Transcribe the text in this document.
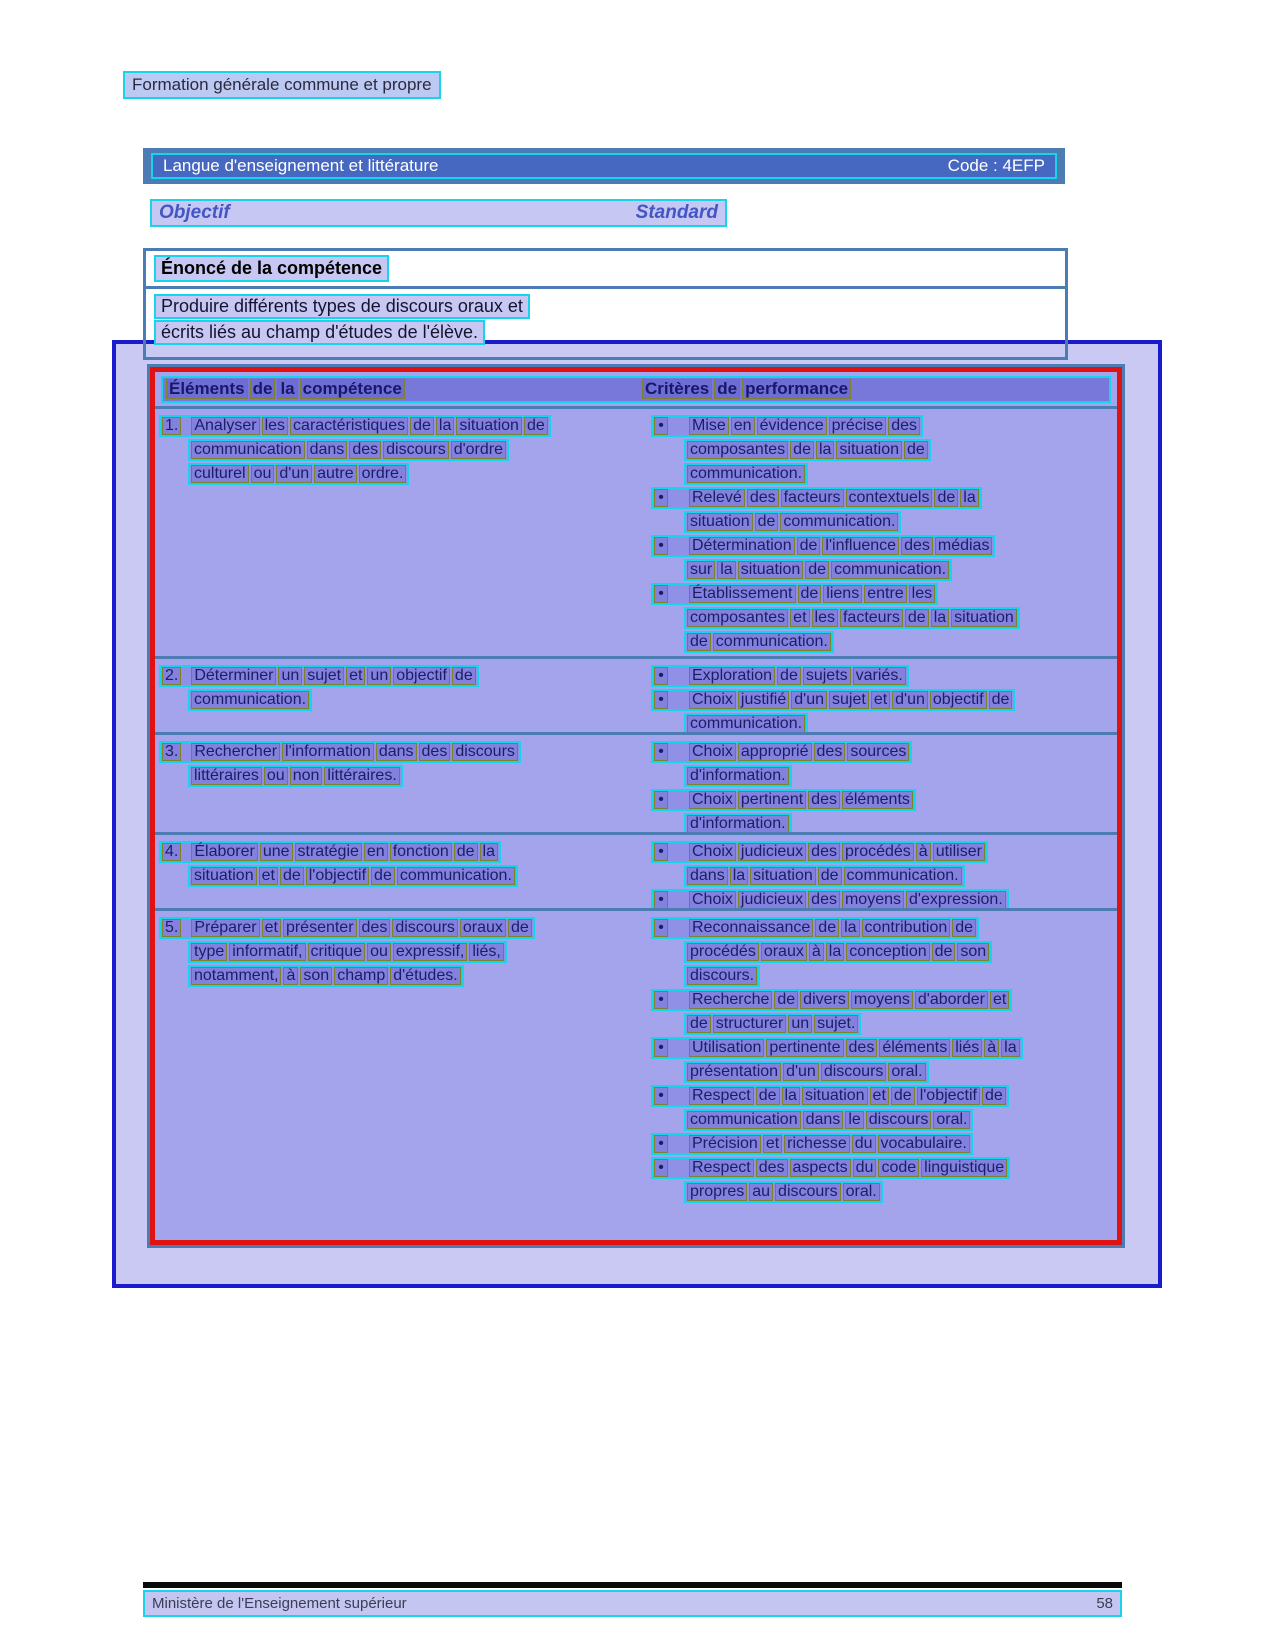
Formation générale commune et propre
Langue d'enseignement et littérature	Code : 4EFP
Objectif	Standard
Énoncé de la compétence
Produire différents types de discours oraux et
écrits liés au champ d'études de l'élève.
Éléments de la compétence	Critères de performance
1. Analyser les caractéristiques de la situation de
communication dans des discours d'ordre
culturel ou d'un autre ordre.
• Mise en évidence précise des
composantes de la situation de
communication.
• Relevé des facteurs contextuels de la
situation de communication.
• Détermination de l'influence des médias
sur la situation de communication.
• Établissement de liens entre les
composantes et les facteurs de la situation
de communication.
2. Déterminer un sujet et un objectif de
communication.
• Exploration de sujets variés.
• Choix justifié d'un sujet et d'un objectif de
communication.
3. Rechercher l'information dans des discours
littéraires ou non littéraires.
• Choix approprié des sources
d'information.
• Choix pertinent des éléments
d'information.
4. Élaborer une stratégie en fonction de la
situation et de l'objectif de communication.
• Choix judicieux des procédés à utiliser
dans la situation de communication.
• Choix judicieux des moyens d'expression.
5. Préparer et présenter des discours oraux de
type informatif, critique ou expressif, liés,
notamment, à son champ d'études.
• Reconnaissance de la contribution de
procédés oraux à la conception de son
discours.
• Recherche de divers moyens d'aborder et
de structurer un sujet.
• Utilisation pertinente des éléments liés à la
présentation d'un discours oral.
• Respect de la situation et de l'objectif de
communication dans le discours oral.
• Précision et richesse du vocabulaire.
• Respect des aspects du code linguistique
propres au discours oral.
Ministère de l'Enseignement supérieur	58
